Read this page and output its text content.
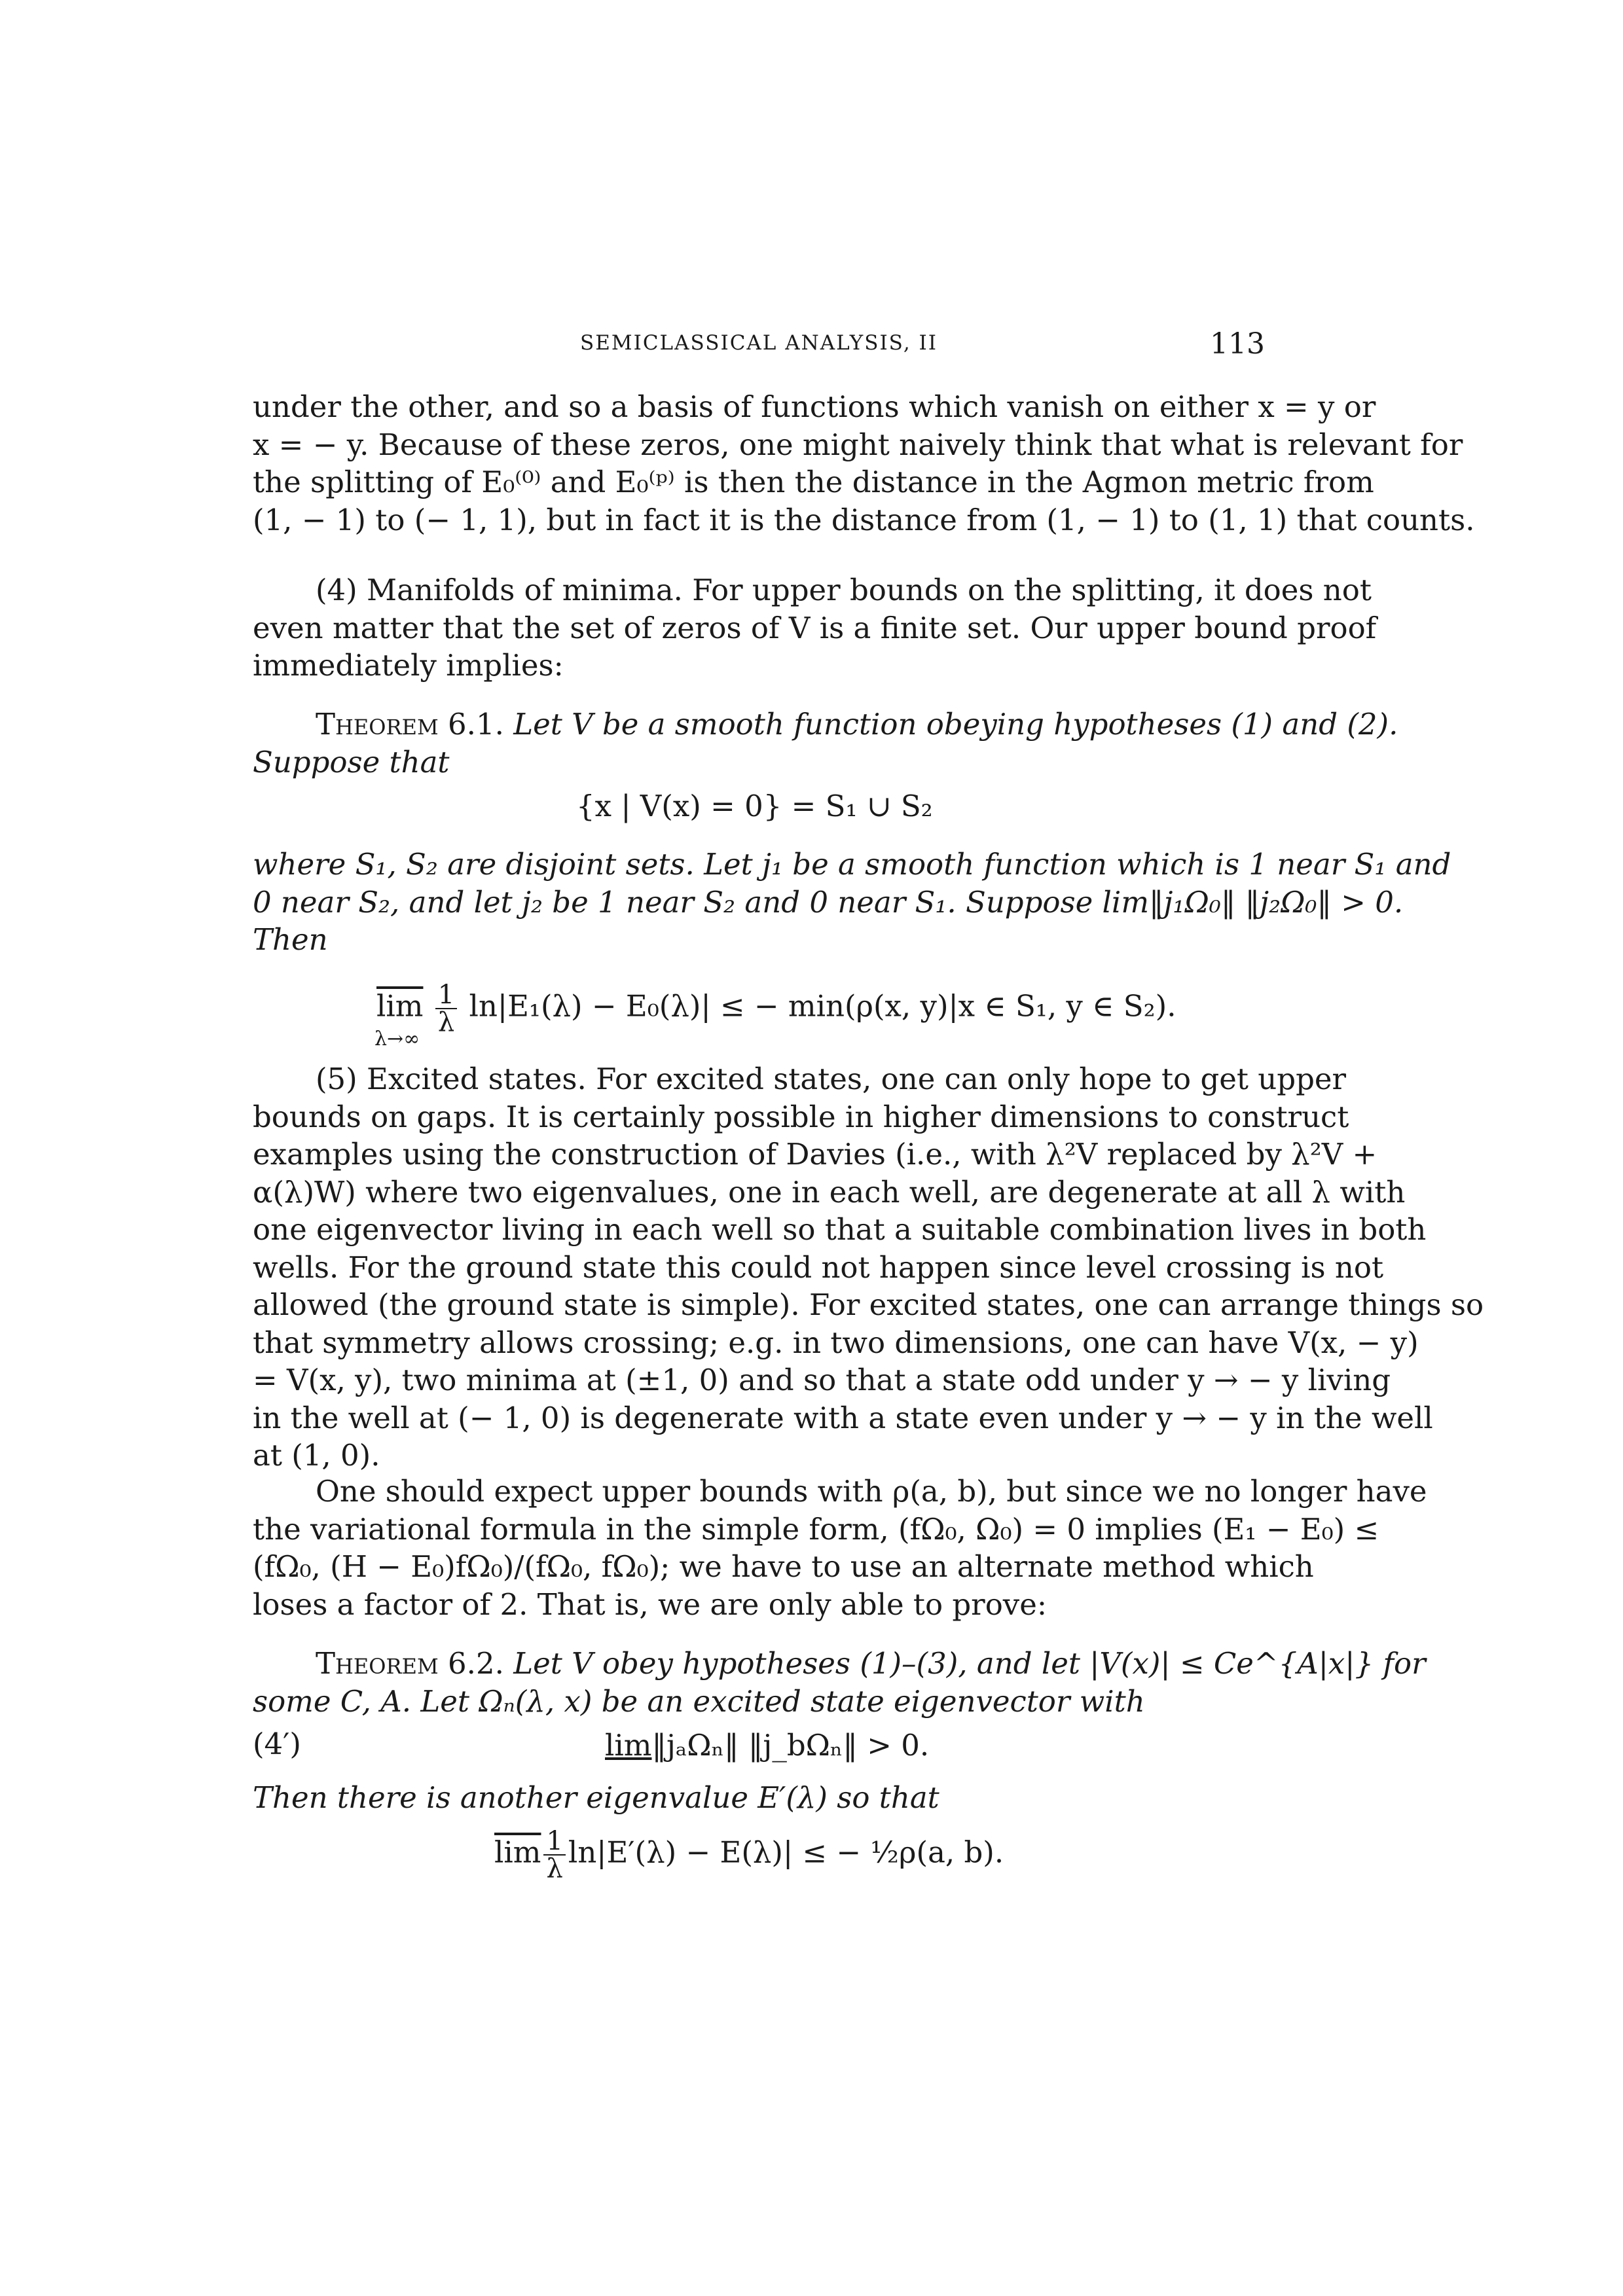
SEMICLASSICAL ANALYSIS, II	113
under the other, and so a basis of functions which vanish on either x = y or
x = − y. Because of these zeros, one might naively think that what is relevant for
the splitting of E₀⁽⁰⁾ and E₀⁽ᵖ⁾ is then the distance in the Agmon metric from
(1, − 1) to (− 1, 1), but in fact it is the distance from (1, − 1) to (1, 1) that counts.
(4) Manifolds of minima. For upper bounds on the splitting, it does not
even matter that the set of zeros of V is a finite set. Our upper bound proof
immediately implies:
Theorem 6.1. Let V be a smooth function obeying hypotheses (1) and (2).
Suppose that
{x | V(x) = 0} = S₁ ∪ S₂
where S₁, S₂ are disjoint sets. Let j₁ be a smooth function which is 1 near S₁ and
0 near S₂, and let j₂ be 1 near S₂ and 0 near S₁. Suppose lim‖j₁Ω₀‖ ‖j₂Ω₀‖ > 0.
Then
$\overline{lim} \frac{1}{\lambda} \ln|E_1(\lambda) - E_0(\lambda)|$ ≤ − min(ρ(x, y)|x ∈ S₁, y ∈ S₂).
λ→∞
(5) Excited states. For excited states, one can only hope to get upper
bounds on gaps. It is certainly possible in higher dimensions to construct
examples using the construction of Davies (i.e., with λ²V replaced by λ²V +
α(λ)W) where two eigenvalues, one in each well, are degenerate at all λ with
one eigenvector living in each well so that a suitable combination lives in both
wells. For the ground state this could not happen since level crossing is not
allowed (the ground state is simple). For excited states, one can arrange things so
that symmetry allows crossing; e.g. in two dimensions, one can have V(x, − y)
= V(x, y), two minima at (±1, 0) and so that a state odd under y → − y living
in the well at (− 1, 0) is degenerate with a state even under y → − y in the well
at (1, 0).
One should expect upper bounds with ρ(a, b), but since we no longer have
the variational formula in the simple form, (fΩ₀, Ω₀) = 0 implies (E₁ − E₀) ≤
(fΩ₀, (H − E₀)fΩ₀)/(fΩ₀, fΩ₀); we have to use an alternate method which
loses a factor of 2. That is, we are only able to prove:
Theorem 6.2. Let V obey hypotheses (1)–(3), and let |V(x)| ≤ Ce^{A|x|} for
some C, A. Let Ωₙ(λ, x) be an excited state eigenvector with
(4′)	lim‖jₐΩₙ‖ ‖j_bΩₙ‖ > 0.
Then there is another eigenvalue E′(λ) so that
$\overline{lim} \frac{1}{\lambda} \ln|E'(\lambda) - E(\lambda)|$ ≤ − ½ρ(a, b).
